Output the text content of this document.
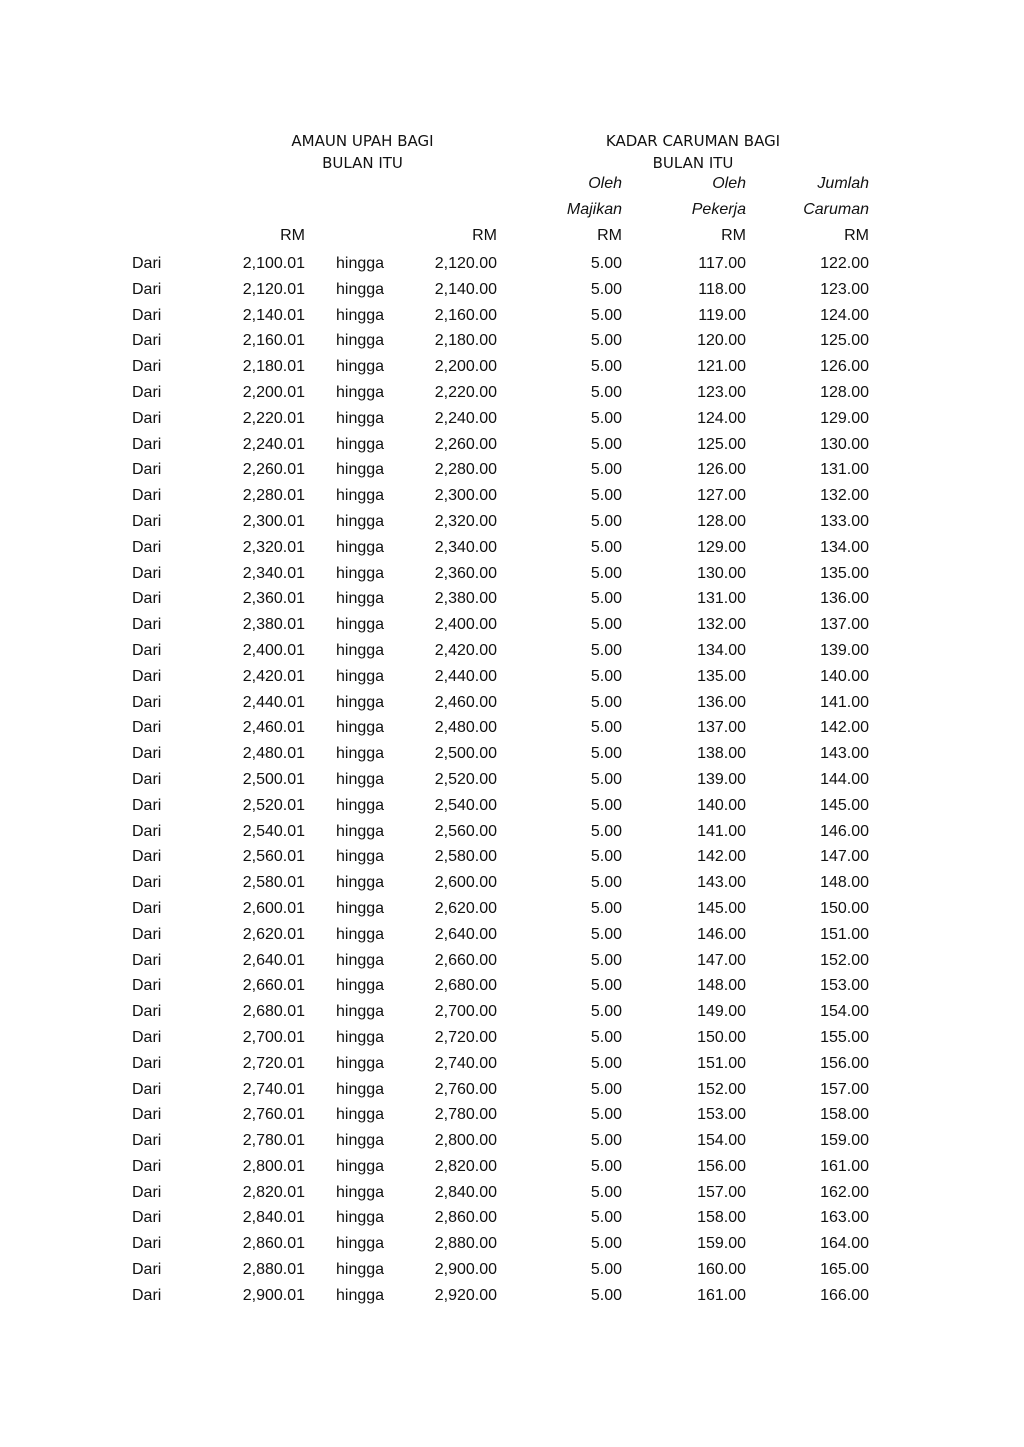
AMAUN UPAH BAGI
BULAN ITU
KADAR CARUMAN BAGI
BULAN ITU
Oleh	Oleh	Jumlah
Majikan	Pekerja	Caruman
RM	RM	RM	RM	RM
Dari	2,100.01 hingga	2,120.00	5.00	117.00	122.00
Dari	2,120.01 hingga	2,140.00	5.00	118.00	123.00
Dari	2,140.01 hingga	2,160.00	5.00	119.00	124.00
Dari	2,160.01 hingga	2,180.00	5.00	120.00	125.00
Dari	2,180.01 hingga	2,200.00	5.00	121.00	126.00
Dari	2,200.01 hingga	2,220.00	5.00	123.00	128.00
Dari	2,220.01 hingga	2,240.00	5.00	124.00	129.00
Dari	2,240.01 hingga	2,260.00	5.00	125.00	130.00
Dari	2,260.01 hingga	2,280.00	5.00	126.00	131.00
Dari	2,280.01 hingga	2,300.00	5.00	127.00	132.00
Dari	2,300.01 hingga	2,320.00	5.00	128.00	133.00
Dari	2,320.01 hingga	2,340.00	5.00	129.00	134.00
Dari	2,340.01 hingga	2,360.00	5.00	130.00	135.00
Dari	2,360.01 hingga	2,380.00	5.00	131.00	136.00
Dari	2,380.01 hingga	2,400.00	5.00	132.00	137.00
Dari	2,400.01 hingga	2,420.00	5.00	134.00	139.00
Dari	2,420.01 hingga	2,440.00	5.00	135.00	140.00
Dari	2,440.01 hingga	2,460.00	5.00	136.00	141.00
Dari	2,460.01 hingga	2,480.00	5.00	137.00	142.00
Dari	2,480.01 hingga	2,500.00	5.00	138.00	143.00
Dari	2,500.01 hingga	2,520.00	5.00	139.00	144.00
Dari	2,520.01 hingga	2,540.00	5.00	140.00	145.00
Dari	2,540.01 hingga	2,560.00	5.00	141.00	146.00
Dari	2,560.01 hingga	2,580.00	5.00	142.00	147.00
Dari	2,580.01 hingga	2,600.00	5.00	143.00	148.00
Dari	2,600.01 hingga	2,620.00	5.00	145.00	150.00
Dari	2,620.01 hingga	2,640.00	5.00	146.00	151.00
Dari	2,640.01 hingga	2,660.00	5.00	147.00	152.00
Dari	2,660.01 hingga	2,680.00	5.00	148.00	153.00
Dari	2,680.01 hingga	2,700.00	5.00	149.00	154.00
Dari	2,700.01 hingga	2,720.00	5.00	150.00	155.00
Dari	2,720.01 hingga	2,740.00	5.00	151.00	156.00
Dari	2,740.01 hingga	2,760.00	5.00	152.00	157.00
Dari	2,760.01 hingga	2,780.00	5.00	153.00	158.00
Dari	2,780.01 hingga	2,800.00	5.00	154.00	159.00
Dari	2,800.01 hingga	2,820.00	5.00	156.00	161.00
Dari	2,820.01 hingga	2,840.00	5.00	157.00	162.00
Dari	2,840.01 hingga	2,860.00	5.00	158.00	163.00
Dari	2,860.01 hingga	2,880.00	5.00	159.00	164.00
Dari	2,880.01 hingga	2,900.00	5.00	160.00	165.00
Dari	2,900.01 hingga	2,920.00	5.00	161.00	166.00
